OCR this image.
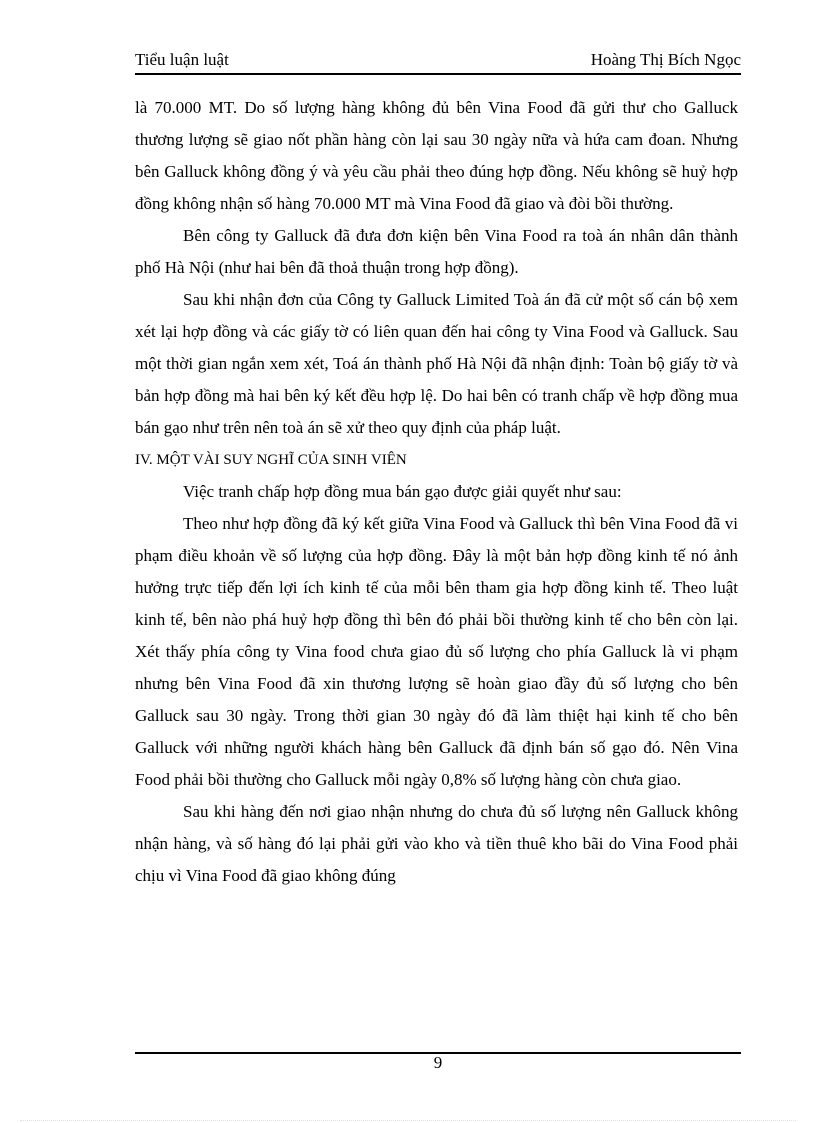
Tiểu luận luật	Hoàng Thị Bích Ngọc

là 70.000 MT. Do số lượng hàng không đủ bên Vina Food đã gửi thư cho Galluck thương lượng sẽ giao nốt phần hàng còn lại sau 30 ngày nữa và hứa cam đoan. Nhưng bên Galluck không đồng ý và yêu cầu phải theo đúng hợp đồng. Nếu không sẽ huỷ hợp đồng không nhận số hàng 70.000 MT mà Vina Food đã giao và đòi bồi thường.

Bên công ty Galluck đã đưa đơn kiện bên Vina Food ra toà án nhân dân thành phố Hà Nội (như hai bên đã thoả thuận trong hợp đồng).

Sau khi nhận đơn của Công ty Galluck Limited Toà án đã cử một số cán bộ xem xét lại hợp đồng và các giấy tờ có liên quan đến hai công ty Vina Food và Galluck. Sau một thời gian ngắn xem xét, Toá án thành phố Hà Nội đã nhận định: Toàn bộ giấy tờ và bản hợp đồng mà hai bên ký kết đều hợp lệ. Do hai bên có tranh chấp về hợp đồng mua bán gạo như trên nên toà án sẽ xử theo quy định của pháp luật.

IV. MỘT VÀI SUY NGHĨ CỦA SINH VIÊN

Việc tranh chấp hợp đồng mua bán gạo được giải quyết như sau:

Theo như hợp đồng đã ký kết giữa Vina Food và Galluck thì bên Vina Food đã vi phạm điều khoản về số lượng của hợp đồng. Đây là một bản hợp đồng kinh tế nó ảnh hưởng trực tiếp đến lợi ích kinh tế của mỗi bên tham gia hợp đồng kinh tế. Theo luật kinh tế, bên nào phá huỷ hợp đồng thì bên đó phải bồi thường kinh tế cho bên còn lại. Xét thấy phía công ty Vina food chưa giao đủ số lượng cho phía Galluck là vi phạm nhưng bên Vina Food đã xin thương lượng sẽ hoàn giao đầy đủ số lượng cho bên Galluck sau 30 ngày. Trong thời gian 30 ngày đó đã làm thiệt hại kinh tế cho bên Galluck với những người khách hàng bên Galluck đã định bán số gạo đó. Nên Vina Food phải bồi thường cho Galluck mỗi ngày 0,8% số lượng hàng còn chưa giao.

Sau khi hàng đến nơi giao nhận nhưng do chưa đủ số lượng nên Galluck không nhận hàng, và số hàng đó lại phải gửi vào kho và tiền thuê kho bãi do Vina Food phải chịu vì Vina Food đã giao không đúng

9
